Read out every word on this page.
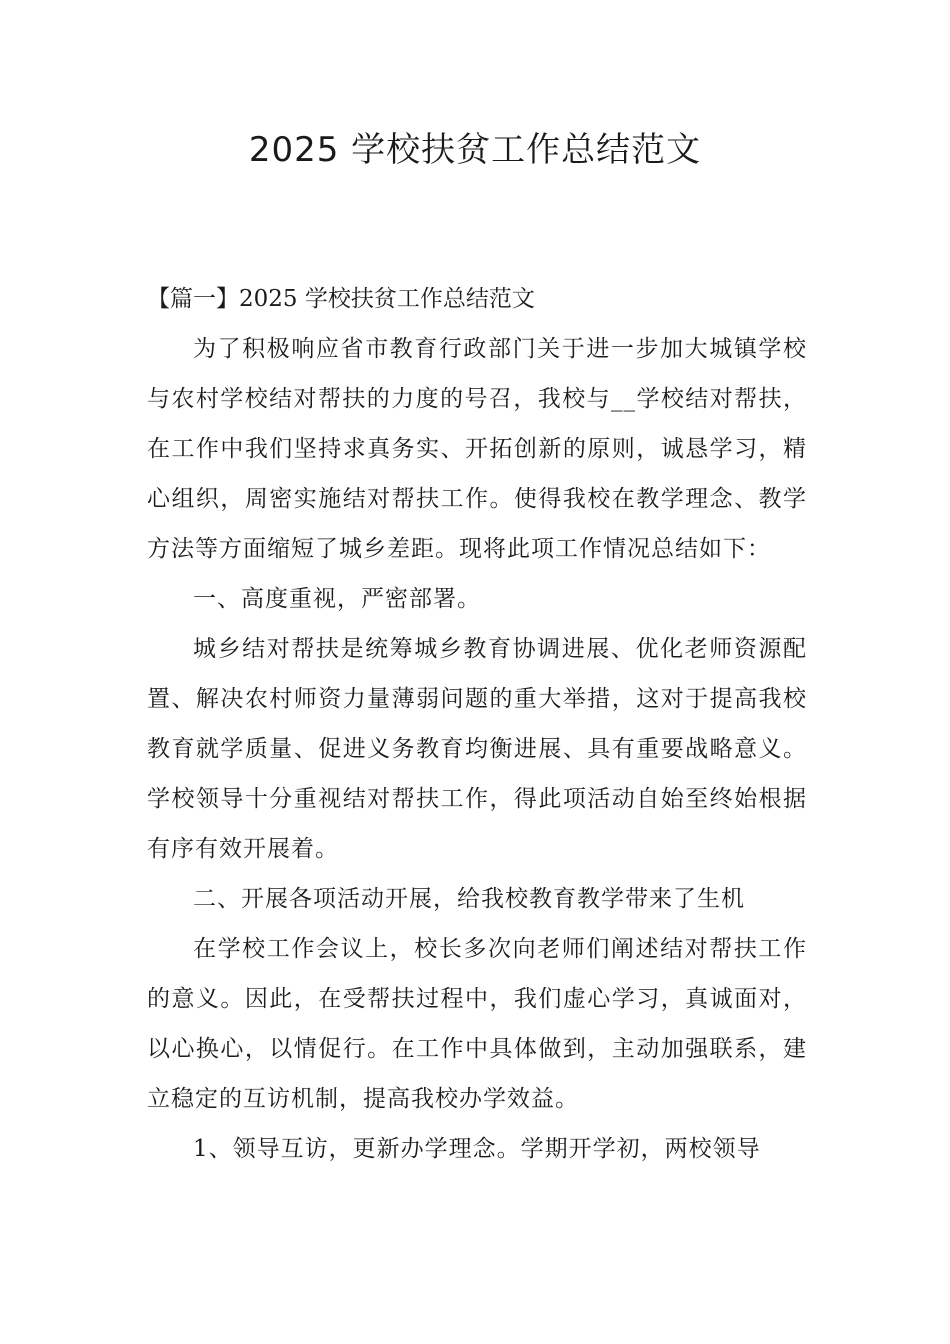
2025 学校扶贫工作总结范文

【篇一】2025 学校扶贫工作总结范文

为了积极响应省市教育行政部门关于进一步加大城镇学校与农村学校结对帮扶的力度的号召，我校与__学校结对帮扶，在工作中我们坚持求真务实、开拓创新的原则，诚恳学习，精心组织，周密实施结对帮扶工作。使得我校在教学理念、教学方法等方面缩短了城乡差距。现将此项工作情况总结如下：

一、高度重视，严密部署。

城乡结对帮扶是统筹城乡教育协调进展、优化老师资源配置、解决农村师资力量薄弱问题的重大举措，这对于提高我校教育就学质量、促进义务教育均衡进展、具有重要战略意义。学校领导十分重视结对帮扶工作，得此项活动自始至终始根据有序有效开展着。

二、开展各项活动开展，给我校教育教学带来了生机

在学校工作会议上，校长多次向老师们阐述结对帮扶工作的意义。因此，在受帮扶过程中，我们虚心学习，真诚面对，以心换心，以情促行。在工作中具体做到，主动加强联系，建立稳定的互访机制，提高我校办学效益。

1、领导互访，更新办学理念。学期开学初，两校领导
